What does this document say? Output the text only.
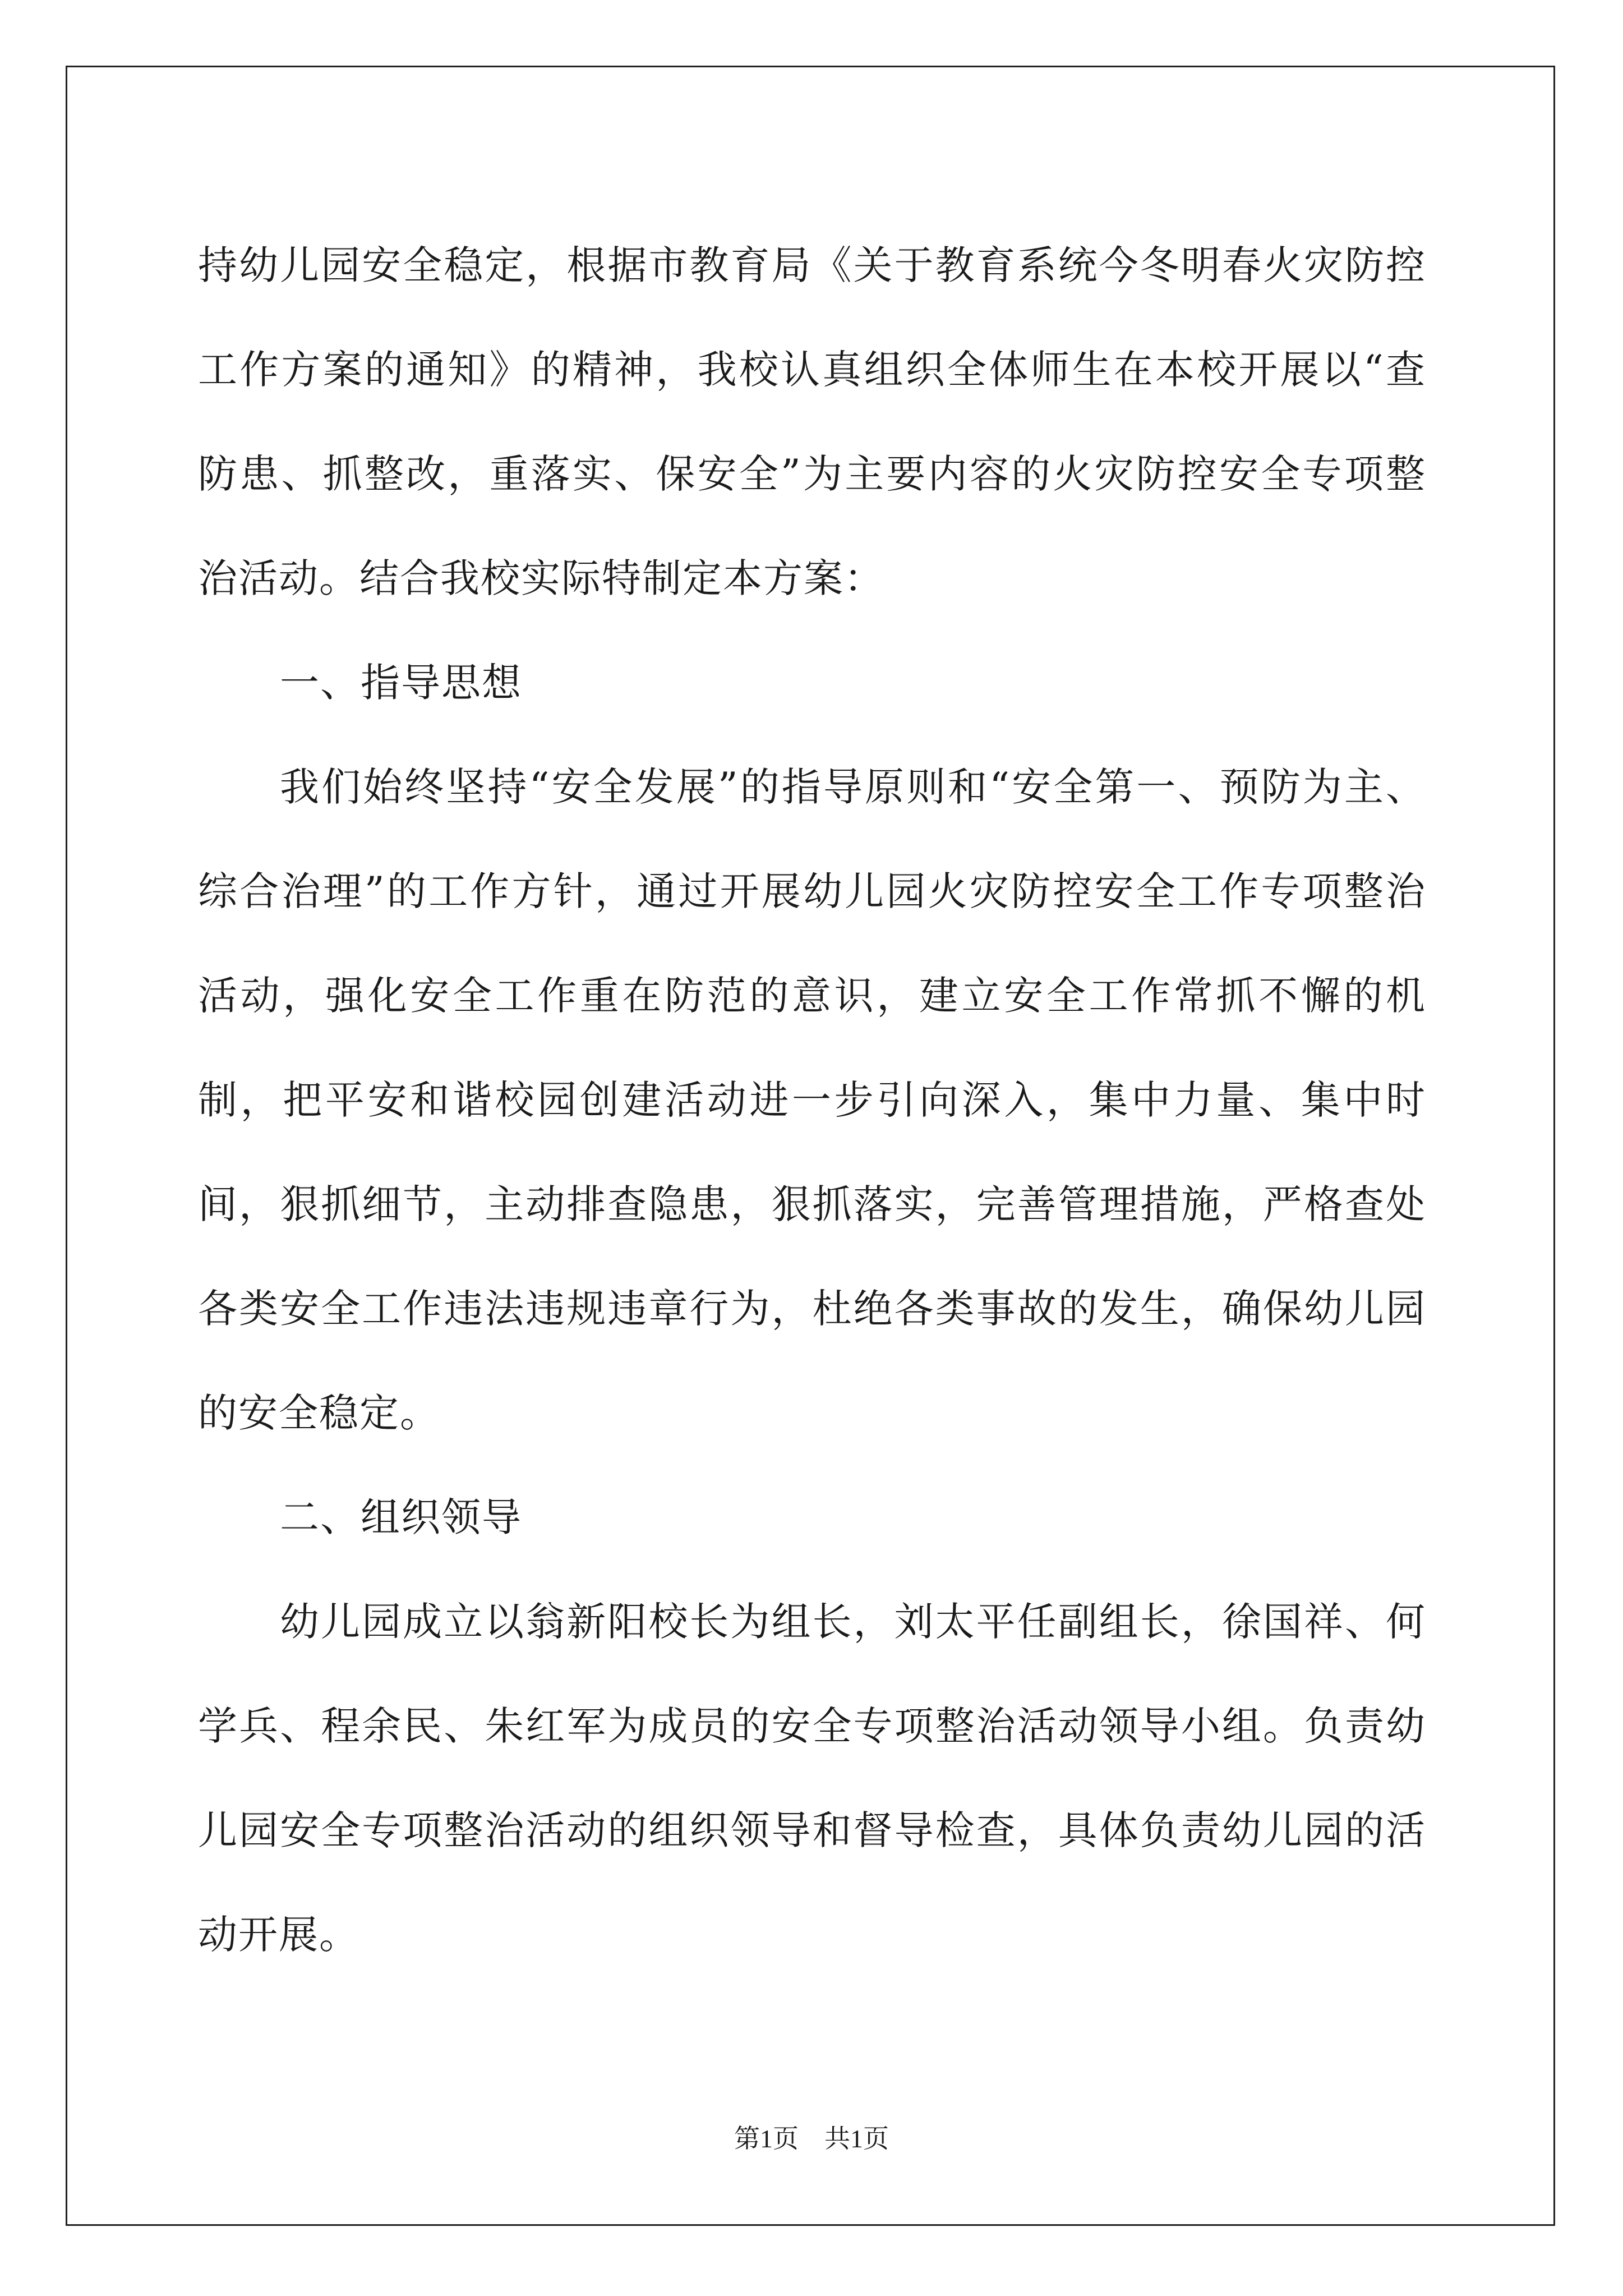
持幼儿园安全稳定，根据市教育局《关于教育系统今冬明春火灾防控工作方案的通知》的精神，我校认真组织全体师生在本校开展以“查防患、抓整改，重落实、保安全”为主要内容的火灾防控安全专项整治活动。结合我校实际特制定本方案：

一、指导思想

我们始终坚持“安全发展”的指导原则和“安全第一、预防为主、综合治理”的工作方针，通过开展幼儿园火灾防控安全工作专项整治活动，强化安全工作重在防范的意识，建立安全工作常抓不懈的机制，把平安和谐校园创建活动进一步引向深入，集中力量、集中时间，狠抓细节，主动排查隐患，狠抓落实，完善管理措施，严格查处各类安全工作违法违规违章行为，杜绝各类事故的发生，确保幼儿园的安全稳定。

二、组织领导

幼儿园成立以翁新阳校长为组长，刘太平任副组长，徐国祥、何学兵、程余民、朱红军为成员的安全专项整治活动领导小组。负责幼儿园安全专项整治活动的组织领导和督导检查，具体负责幼儿园的活动开展。

第1页　共1页
